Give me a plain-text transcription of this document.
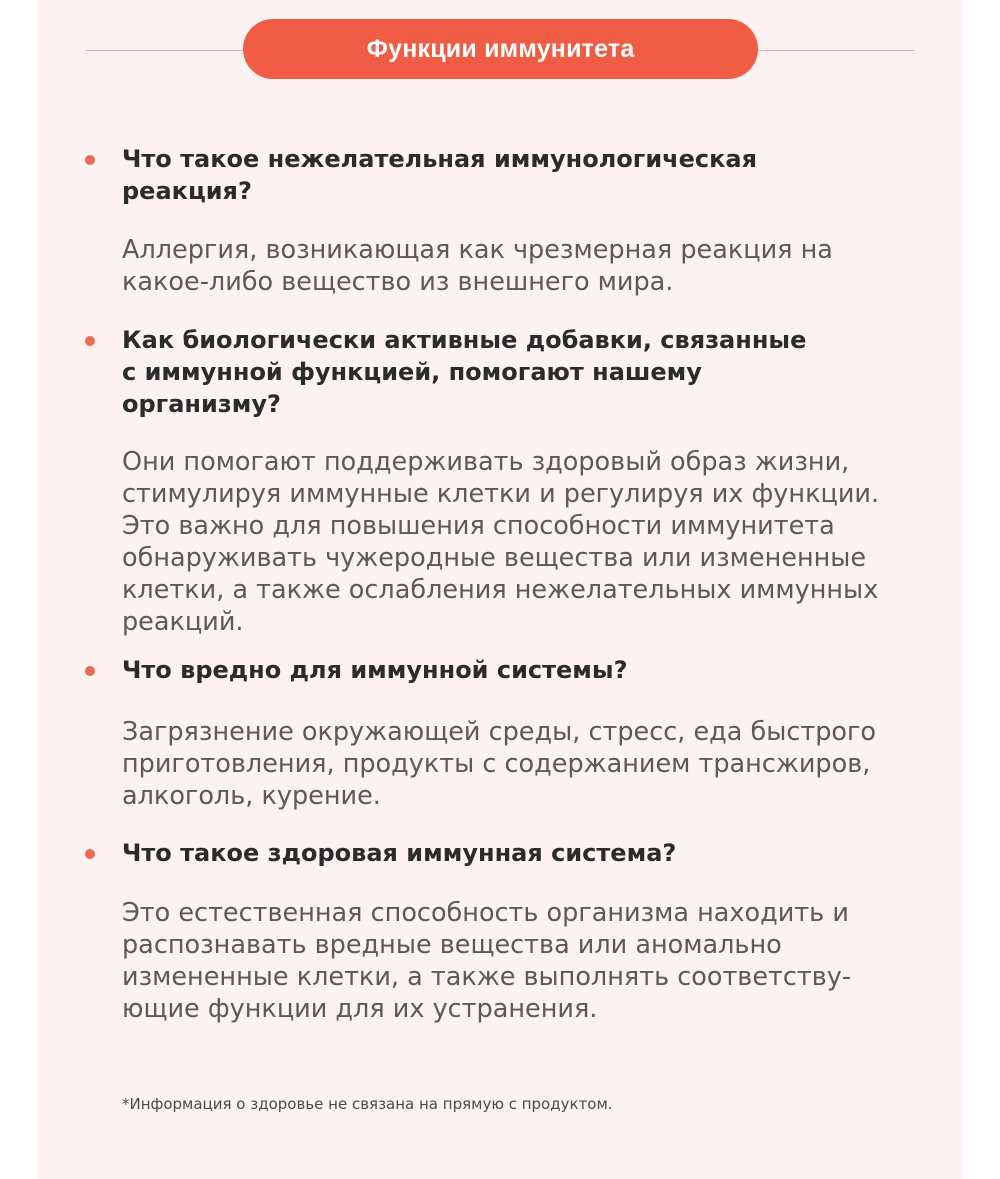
Функции иммунитета

Что такое нежелательная иммунологическая реакция?

Аллергия, возникающая как чрезмерная реакция на какое-либо вещество из внешнего мира.

Как биологически активные добавки, связанные с иммунной функцией, помогают нашему организму?

Они помогают поддерживать здоровый образ жизни, стимулируя иммунные клетки и регулируя их функции. Это важно для повышения способности иммунитета обнаруживать чужеродные вещества или измененные клетки, а также ослабления нежелательных иммунных реакций.

Что вредно для иммунной системы?

Загрязнение окружающей среды, стресс, еда быстрого приготовления, продукты с содержанием трансжиров, алкоголь, курение.

Что такое здоровая иммунная система?

Это естественная способность организма находить и распознавать вредные вещества или аномально измененные клетки, а также выполнять соответству-ющие функции для их устранения.

*Информация о здоровье не связана на прямую с продуктом.
